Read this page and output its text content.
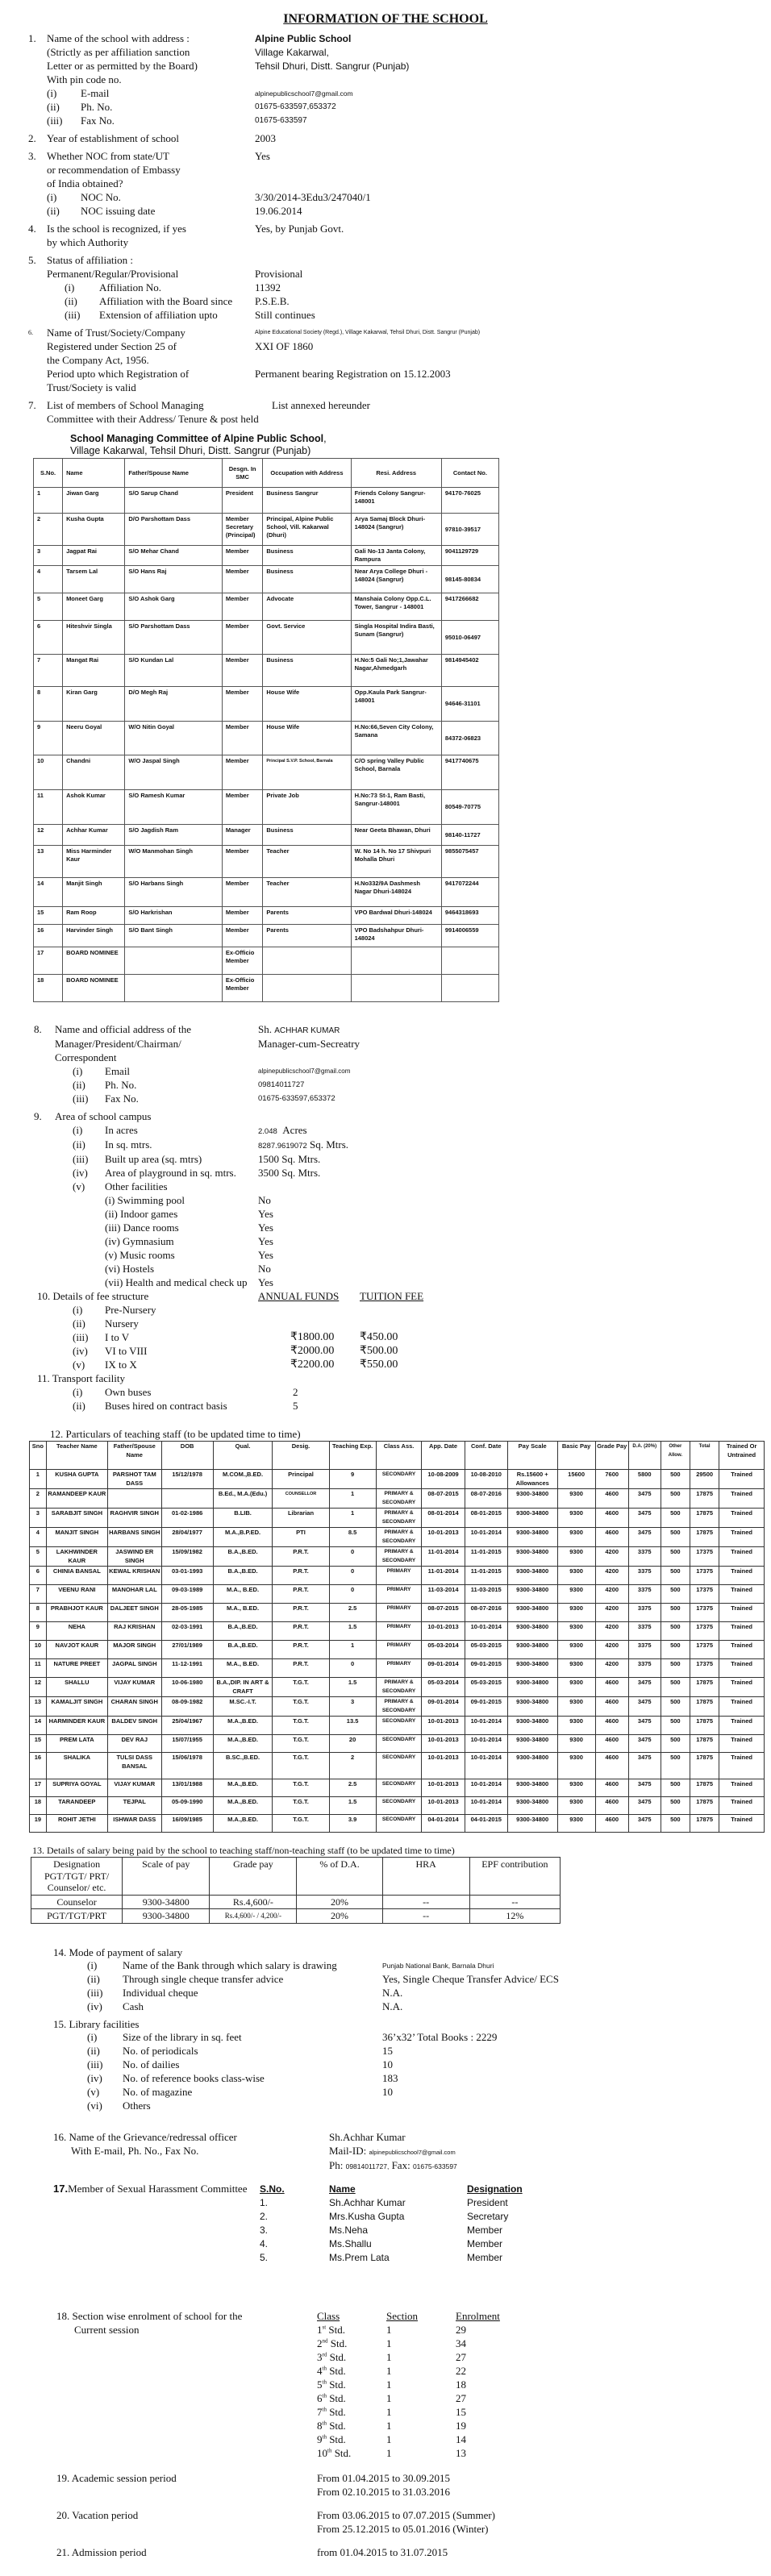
INFORMATION OF THE SCHOOL
1.	Name of the school with address :	Alpine Public School
(Strictly as per affiliation sanction	Village Kakarwal,
Letter or as permitted by the Board)	Tehsil Dhuri, Distt. Sangrur (Punjab)
With pin code no.
(i)	E-mail	alpinepublicschool7@gmail.com
(ii)	Ph. No.	01675-633597,653372
(iii)	Fax No.	01675-633597
2.	Year of establishment of school	2003
3.	Whether NOC from state/UT	Yes
or recommendation of Embassy
of India obtained?
(i)	NOC No.	3/30/2014-3Edu3/247040/1
(ii)	NOC issuing date	19.06.2014
4.	Is the school is recognized, if yes	Yes, by Punjab Govt.
by which Authority
5.	Status of affiliation :
Permanent/Regular/Provisional	Provisional
(i)	Affiliation No.	11392
(ii)	Affiliation with the Board since	P.S.E.B.
(iii)	Extension of affiliation upto	Still continues
6.	Name of Trust/Society/Company	Alpine Educational Society (Regd.), Village Kakarwal, Tehsil Dhuri, Distt. Sangrur (Punjab)
Registered under Section 25 of	XXI OF 1860
the Company Act, 1956.
Period upto which Registration of	Permanent bearing Registration on 15.12.2003
Trust/Society is valid
7.	List of members of School Managing	List annexed hereunder
Committee with their Address/ Tenure & post held
School Managing Committee of Alpine Public School,
Village Kakarwal, Tehsil Dhuri, Distt. Sangrur (Punjab)
S.No.	Name	Father/Spouse Name	Desgn. In SMC	Occupation with Address	Resi. Address	Contact No.
1	Jiwan Garg	S/O Sarup Chand	President	Business Sangrur	Friends Colony Sangrur-148001	94170-76025
2	Kusha Gupta	D/O Parshottam Dass	Member Secretary (Principal)	Principal, Alpine Public School, Vill. Kakarwal (Dhuri)	Arya Samaj Block Dhuri-148024 (Sangrur)	97810-39517
3	Jagpat Rai	S/O Mehar Chand	Member	Business	Gali No-13 Janta Colony, Rampura	9041129729
4	Tarsem Lal	S/O Hans Raj	Member	Business	Near Arya College Dhuri - 148024 (Sangrur)	98145-80834
5	Moneet Garg	S/O Ashok Garg	Member	Advocate	Manshaia Colony Opp.C.L. Tower, Sangrur - 148001	9417266682
6	Hiteshvir Singla	S/O Parshottam Dass	Member	Govt. Service	Singla Hospital Indira Basti, Sunam (Sangrur)	95010-06497
7	Mangat Rai	S/O Kundan Lal	Member	Business	H.No:5 Gali No;1,Jawahar Nagar,Ahmedgarh	9814945402
8	Kiran Garg	D/O Megh Raj	Member	House Wife	Opp.Kaula Park Sangrur-148001	94646-31101
9	Neeru Goyal	W/O Nitin Goyal	Member	House Wife	H.No:66,Seven City Colony, Samana	84372-06823
10	Chandni	W/O Jaspal Singh	Member	Principal S.V.P. School, Barnala	C/O spring Valley Public School, Barnala	9417740675
11	Ashok Kumar	S/O Ramesh Kumar	Member	Private Job	H.No:73 St-1, Ram Basti, Sangrur-148001	80549-70775
12	Achhar Kumar	S/O Jagdish Ram	Manager	Business	Near Geeta Bhawan, Dhuri	98140-11727
13	Miss Harminder Kaur	W/O Manmohan Singh	Member	Teacher	W. No 14 h. No 17 Shivpuri Mohalla Dhuri	9855075457
14	Manjit Singh	S/O Harbans Singh	Member	Teacher	H.No332/9A Dashmesh Nagar Dhuri-148024	9417072244
15	Ram Roop	S/O Harkrishan	Member	Parents	VPO Bardwal Dhuri-148024	9464318693
16	Harvinder Singh	S/O Bant Singh	Member	Parents	VPO Badshahpur Dhuri-148024	9914006559
17	BOARD NOMINEE		Ex-Officio Member			
18	BOARD NOMINEE		Ex-Officio Member			
8.	Name and official address of the	Sh. ACHHAR KUMAR
Manager/President/Chairman/	Manager-cum-Secreatry
Correspondent
(i)	Email	alpinepublicschool7@gmail.com
(ii)	Ph. No.	09814011727
(iii)	Fax No.	01675-633597,653372
9.	Area of school campus
(i)	In acres	2.048 Acres
(ii)	In sq. mtrs.	8287.9619072 Sq. Mtrs.
(iii)	Built up area (sq. mtrs)	1500 Sq. Mtrs.
(iv)	Area of playground in sq. mtrs.	3500 Sq. Mtrs.
(v)	Other facilities
(i) Swimming pool	No
(ii) Indoor games	Yes
(iii) Dance rooms	Yes
(iv) Gymnasium	Yes
(v) Music rooms	Yes
(vi) Hostels	No
(vii) Health and medical check up	Yes
10. Details of fee structure	ANNUAL FUNDS	TUITION FEE
(i)	Pre-Nursery
(ii)	Nursery
(iii)	I to V	₹1800.00	₹450.00
(iv)	VI to VIII	₹2000.00	₹500.00
(v)	IX to X	₹2200.00	₹550.00
11. Transport facility
(i)	Own buses	2
(ii)	Buses hired on contract basis	5
12. Particulars of teaching staff (to be updated time to time)
Sno	Teacher Name	Father/Spouse Name	DOB	Qual.	Desig.	Teaching Exp.	Class Ass.	App. Date	Conf. Date	Pay Scale	Basic Pay	Grade Pay	D.A. (20%)	Other Allow.	Total	Trained Or Untrained
1	KUSHA GUPTA	PARSHOT TAM DASS	15/12/1978	M.COM.,B.ED.	Principal	9	SECONDARY	10-08-2009	10-08-2010	Rs.15600 + Allowances	15600	7600	5800	500	29500	Trained
2	RAMANDEEP KAUR			B.Ed., M.A.(Edu.)	COUNSELLOR	1	PRIMARY & SECONDARY	08-07-2015	08-07-2016	9300-34800	9300	4600	3475	500	17875	Trained
3	SARABJIT SINGH	RAGHVIR SINGH	01-02-1986	B.LIB.	Librarian	1	PRIMARY & SECONDARY	08-01-2014	08-01-2015	9300-34800	9300	4600	3475	500	17875	Trained
4	MANJIT SINGH	HARBANS SINGH	28/04/1977	M.A.,B.P.ED.	PTI	8.5	PRIMARY & SECONDARY	10-01-2013	10-01-2014	9300-34800	9300	4600	3475	500	17875	Trained
5	LAKHWINDER KAUR	JASWIND ER SINGH	15/09/1982	B.A.,B.ED.	P.R.T.	0	PRIMARY & SECONDARY	11-01-2014	11-01-2015	9300-34800	9300	4200	3375	500	17375	Trained
6	CHINIA BANSAL	KEWAL KRISHAN	03-01-1993	B.A.,B.ED.	P.R.T.	0	PRIMARY	11-01-2014	11-01-2015	9300-34800	9300	4200	3375	500	17375	Trained
7	VEENU RANI	MANOHAR LAL	09-03-1989	M.A., B.ED.	P.R.T.	0	PRIMARY	11-03-2014	11-03-2015	9300-34800	9300	4200	3375	500	17375	Trained
8	PRABHJOT KAUR	DALJEET SINGH	28-05-1985	M.A., B.ED.	P.R.T.	2.5	PRIMARY	08-07-2015	08-07-2016	9300-34800	9300	4200	3375	500	17375	Trained
9	NEHA	RAJ KRISHAN	02-03-1991	B.A.,B.ED.	P.R.T.	1.5	PRIMARY	10-01-2013	10-01-2014	9300-34800	9300	4200	3375	500	17375	Trained
10	NAVJOT KAUR	MAJOR SINGH	27/01/1989	B.A.,B.ED.	P.R.T.	1	PRIMARY	05-03-2014	05-03-2015	9300-34800	9300	4200	3375	500	17375	Trained
11	NATURE PREET	JAGPAL SINGH	11-12-1991	M.A., B.ED.	P.R.T.	0	PRIMARY	09-01-2014	09-01-2015	9300-34800	9300	4200	3375	500	17375	Trained
12	SHALLU	VIJAY KUMAR	10-06-1980	B.A.,DIP. IN ART & CRAFT	T.G.T.	1.5	PRIMARY & SECONDARY	05-03-2014	05-03-2015	9300-34800	9300	4600	3475	500	17875	Trained
13	KAMALJIT SINGH	CHARAN SINGH	08-09-1982	M.SC.-I.T.	T.G.T.	3	PRIMARY & SECONDARY	09-01-2014	09-01-2015	9300-34800	9300	4600	3475	500	17875	Trained
14	HARMINDER KAUR	BALDEV SINGH	25/04/1967	M.A.,B.ED.	T.G.T.	13.5	SECONDARY	10-01-2013	10-01-2014	9300-34800	9300	4600	3475	500	17875	Trained
15	PREM LATA	DEV RAJ	15/07/1955	M.A.,B.ED.	T.G.T.	20	SECONDARY	10-01-2013	10-01-2014	9300-34800	9300	4600	3475	500	17875	Trained
16	SHALIKA	TULSI DASS BANSAL	15/06/1978	B.SC.,B.ED.	T.G.T.	2	SECONDARY	10-01-2013	10-01-2014	9300-34800	9300	4600	3475	500	17875	Trained
17	SUPRIYA GOYAL	VIJAY KUMAR	13/01/1988	M.A.,B.ED.	T.G.T.	2.5	SECONDARY	10-01-2013	10-01-2014	9300-34800	9300	4600	3475	500	17875	Trained
18	TARANDEEP	TEJPAL	05-09-1990	M.A.,B.ED.	T.G.T.	1.5	SECONDARY	10-01-2013	10-01-2014	9300-34800	9300	4600	3475	500	17875	Trained
19	ROHIT JETHI	ISHWAR DASS	16/09/1985	M.A.,B.ED.	T.G.T.	3.9	SECONDARY	04-01-2014	04-01-2015	9300-34800	9300	4600	3475	500	17875	Trained
13. Details of salary being paid by the school to teaching staff/non-teaching staff (to be updated time to time)
Designation PGT/TGT/ PRT/ Counselor/ etc.	Scale of pay	Grade pay	% of D.A.	HRA	EPF contribution
Counselor	9300-34800	Rs.4,600/-	20%	--	--
PGT/TGT/PRT	9300-34800	Rs.4,600/- / 4,200/-	20%	--	12%
14. Mode of payment of salary
(i)	Name of the Bank through which salary is drawing	Punjab National Bank, Barnala Dhuri
(ii)	Through single cheque transfer advice	Yes, Single Cheque Transfer Advice/ ECS
(iii)	Individual cheque	N.A.
(iv)	Cash	N.A.
15. Library facilities
(i)	Size of the library in sq. feet	36’x32’ Total Books : 2229
(ii)	No. of periodicals	15
(iii)	No. of dailies	10
(iv)	No. of reference books class-wise	183
(v)	No. of magazine	10
(vi)	Others
16. Name of the Grievance/redressal officer	Sh.Achhar Kumar
With E-mail, Ph. No., Fax No.	Mail-ID: alpinepublicschool7@gmail.com
Ph: 09814011727, Fax: 01675-633597
17.Member of Sexual Harassment Committee	S.No.	Name	Designation
1.	Sh.Achhar Kumar	President
2.	Mrs.Kusha Gupta	Secretary
3.	Ms.Neha	Member
4.	Ms.Shallu	Member
5.	Ms.Prem Lata	Member
18. Section wise enrolment of school for the	Class	Section	Enrolment
Current session	1st Std.	1	29
2nd Std.	1	34
3rd Std.	1	27
4th Std.	1	22
5th Std.	1	18
6th Std.	1	27
7th Std.	1	15
8th Std.	1	19
9th Std.	1	14
10th Std.	1	13
19. Academic session period	From 01.04.2015 to 30.09.2015
From 02.10.2015 to 31.03.2016
20. Vacation period	From 03.06.2015 to 07.07.2015 (Summer)
From 25.12.2015 to 05.01.2016 (Winter)
21. Admission period	from 01.04.2015 to 31.07.2015
